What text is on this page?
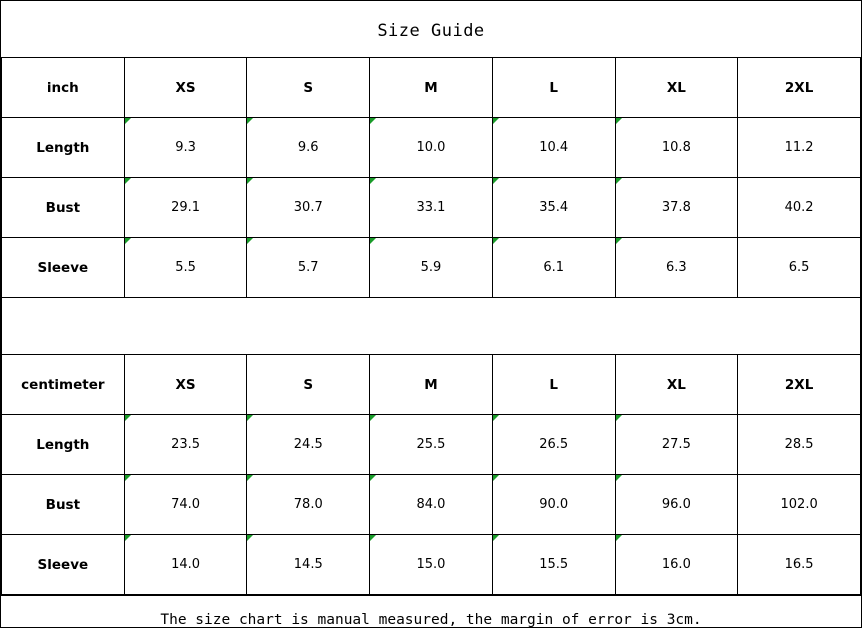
Size Guide
inch	XS	S	M	L	XL	2XL
Length	9.3	9.6	10.0	10.4	10.8	11.2
Bust	29.1	30.7	33.1	35.4	37.8	40.2
Sleeve	5.5	5.7	5.9	6.1	6.3	6.5
centimeter	XS	S	M	L	XL	2XL
Length	23.5	24.5	25.5	26.5	27.5	28.5
Bust	74.0	78.0	84.0	90.0	96.0	102.0
Sleeve	14.0	14.5	15.0	15.5	16.0	16.5
The size chart is manual measured, the margin of error is 3cm.
